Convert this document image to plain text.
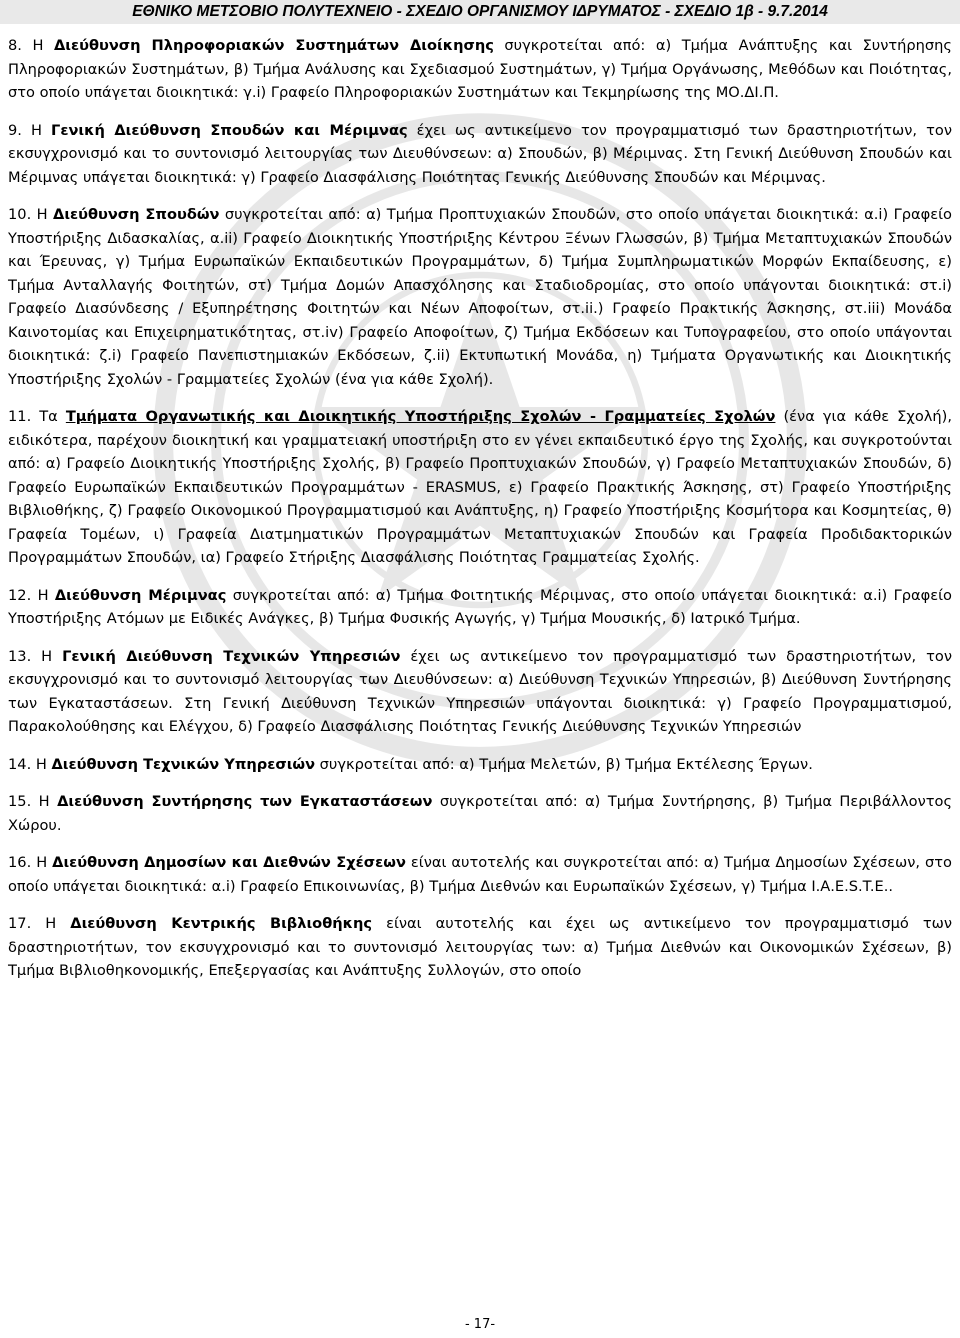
ΕΘΝΙΚΟ ΜΕΤΣΟΒΙΟ ΠΟΛΥΤΕΧΝΕΙΟ - ΣΧΕΔΙΟ ΟΡΓΑΝΙΣΜΟΥ ΙΔΡΥΜΑΤΟΣ - ΣΧΕΔΙΟ 1β - 9.7.2014

8. Η Διεύθυνση Πληροφοριακών Συστημάτων Διοίκησης συγκροτείται από: α) Τμήμα Ανάπτυξης και Συντήρησης Πληροφοριακών Συστημάτων, β) Τμήμα Ανάλυσης και Σχεδιασμού Συστημάτων, γ) Τμήμα Οργάνωσης, Μεθόδων και Ποιότητας, στο οποίο υπάγεται διοικητικά: γ.i) Γραφείο Πληροφοριακών Συστημάτων και Τεκμηρίωσης της ΜΟ.ΔΙ.Π.

9. Η Γενική Διεύθυνση Σπουδών και Μέριμνας έχει ως αντικείμενο τον προγραμματισμό των δραστηριοτήτων, τον εκσυγχρονισμό και το συντονισμό λειτουργίας των Διευθύνσεων: α) Σπουδών, β) Μέριμνας. Στη Γενική Διεύθυνση Σπουδών και Μέριμνας υπάγεται διοικητικά: γ) Γραφείο Διασφάλισης Ποιότητας Γενικής Διεύθυνσης Σπουδών και Μέριμνας.

10. Η Διεύθυνση Σπουδών συγκροτείται από: α) Τμήμα Προπτυχιακών Σπουδών, στο οποίο υπάγεται διοικητικά: α.i) Γραφείο Υποστήριξης Διδασκαλίας, α.ii) Γραφείο Διοικητικής Υποστήριξης Κέντρου Ξένων Γλωσσών, β) Τμήμα Μεταπτυχιακών Σπουδών και Έρευνας, γ) Τμήμα Ευρωπαϊκών Εκπαιδευτικών Προγραμμάτων, δ) Τμήμα Συμπληρωματικών Μορφών Εκπαίδευσης, ε) Τμήμα Ανταλλαγής Φοιτητών, στ) Τμήμα Δομών Απασχόλησης και Σταδιοδρομίας, στο οποίο υπάγονται διοικητικά: στ.i) Γραφείο Διασύνδεσης / Εξυπηρέτησης Φοιτητών και Νέων Αποφοίτων, στ.ii.) Γραφείο Πρακτικής Άσκησης, στ.iii) Μονάδα Καινοτομίας και Επιχειρηματικότητας, στ.iv) Γραφείο Αποφοίτων, ζ) Τμήμα Εκδόσεων και Τυπογραφείου, στο οποίο υπάγονται διοικητικά: ζ.i) Γραφείο Πανεπιστημιακών Εκδόσεων, ζ.ii) Εκτυπωτική Μονάδα, η) Τμήματα Οργανωτικής και Διοικητικής Υποστήριξης Σχολών - Γραμματείες Σχολών (ένα για κάθε Σχολή).

11. Τα Τμήματα Οργανωτικής και Διοικητικής Υποστήριξης Σχολών - Γραμματείες Σχολών (ένα για κάθε Σχολή), ειδικότερα, παρέχουν διοικητική και γραμματειακή υποστήριξη στο εν γένει εκπαιδευτικό έργο της Σχολής, και συγκροτούνται από: α) Γραφείο Διοικητικής Υποστήριξης Σχολής, β) Γραφείο Προπτυχιακών Σπουδών, γ) Γραφείο Μεταπτυχιακών Σπουδών, δ) Γραφείο Ευρωπαϊκών Εκπαιδευτικών Προγραμμάτων - ERASMUS, ε) Γραφείο Πρακτικής Άσκησης, στ) Γραφείο Υποστήριξης Βιβλιοθήκης, ζ) Γραφείο Οικονομικού Προγραμματισμού και Ανάπτυξης, η) Γραφείο Υποστήριξης Κοσμήτορα και Κοσμητείας, θ) Γραφεία Τομέων, ι) Γραφεία Διατμηματικών Προγραμμάτων Μεταπτυχιακών Σπουδών και Γραφεία Προδιδακτορικών Προγραμμάτων Σπουδών, ια) Γραφείο Στήριξης Διασφάλισης Ποιότητας Γραμματείας Σχολής.

12. Η Διεύθυνση Μέριμνας συγκροτείται από: α) Τμήμα Φοιτητικής Μέριμνας, στο οποίο υπάγεται διοικητικά: α.i) Γραφείο Υποστήριξης Ατόμων με Ειδικές Ανάγκες, β) Τμήμα Φυσικής Αγωγής, γ) Τμήμα Μουσικής, δ) Ιατρικό Τμήμα.

13. Η Γενική Διεύθυνση Τεχνικών Υπηρεσιών έχει ως αντικείμενο τον προγραμματισμό των δραστηριοτήτων, τον εκσυγχρονισμό και το συντονισμό λειτουργίας των Διευθύνσεων: α) Διεύθυνση Τεχνικών Υπηρεσιών, β) Διεύθυνση Συντήρησης των Εγκαταστάσεων. Στη Γενική Διεύθυνση Τεχνικών Υπηρεσιών υπάγονται διοικητικά: γ) Γραφείο Προγραμματισμού, Παρακολούθησης και Ελέγχου, δ) Γραφείο Διασφάλισης Ποιότητας Γενικής Διεύθυνσης Τεχνικών Υπηρεσιών

14. Η Διεύθυνση Τεχνικών Υπηρεσιών συγκροτείται από: α) Τμήμα Μελετών, β) Τμήμα Εκτέλεσης Έργων.

15. Η Διεύθυνση Συντήρησης των Εγκαταστάσεων συγκροτείται από: α) Τμήμα Συντήρησης, β) Τμήμα Περιβάλλοντος Χώρου.

16. Η Διεύθυνση Δημοσίων και Διεθνών Σχέσεων είναι αυτοτελής και συγκροτείται από: α) Τμήμα Δημοσίων Σχέσεων, στο οποίο υπάγεται διοικητικά: α.i) Γραφείο Επικοινωνίας, β) Τμήμα Διεθνών και Ευρωπαϊκών Σχέσεων, γ) Τμήμα Ι.Α.Ε.S.T.E..

17. Η Διεύθυνση Κεντρικής Βιβλιοθήκης είναι αυτοτελής και έχει ως αντικείμενο τον προγραμματισμό των δραστηριοτήτων, τον εκσυγχρονισμό και το συντονισμό λειτουργίας των: α) Τμήμα Διεθνών και Οικονομικών Σχέσεων, β) Τμήμα Βιβλιοθηκονομικής, Επεξεργασίας και Ανάπτυξης Συλλογών, στο οποίο

- 17-
